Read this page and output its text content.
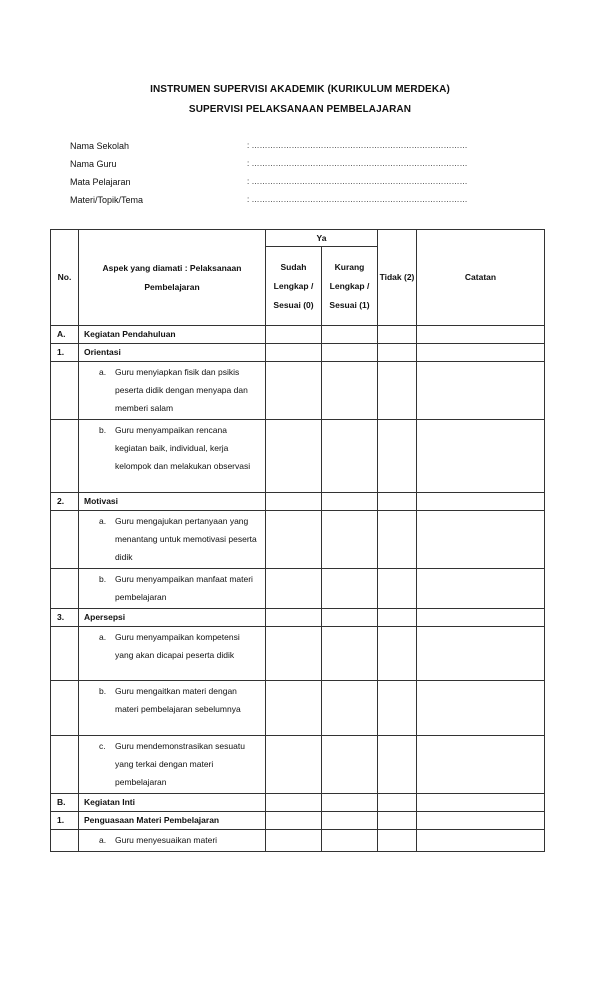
INSTRUMEN SUPERVISI AKADEMIK (KURIKULUM MERDEKA)
SUPERVISI PELAKSANAAN PEMBELAJARAN
Nama Sekolah	: ………………………………………………………………………
Nama Guru	: ………………………………………………………………………
Mata Pelajaran	: ………………………………………………………………………
Materi/Topik/Tema	: ………………………………………………………………………
No.	Aspek yang diamati : Pelaksanaan Pembelajaran	Ya		Tidak (2)	Catatan
		Sudah Lengkap / Sesuai (0)	Kurang Lengkap / Sesuai (1)		
A.	Kegiatan Pendahuluan				
1.	Orientasi				
	a. Guru menyiapkan fisik dan psikis peserta didik dengan menyapa dan memberi salam				
	b. Guru menyampaikan rencana kegiatan baik, individual, kerja kelompok dan melakukan observasi				
2.	Motivasi				
	a. Guru mengajukan pertanyaan yang menantang untuk memotivasi peserta didik				
	b. Guru menyampaikan manfaat materi pembelajaran				
3.	Apersepsi				
	a. Guru menyampaikan kompetensi yang akan dicapai peserta didik				
	b. Guru mengaitkan materi dengan materi pembelajaran sebelumnya				
	c. Guru mendemonstrasikan sesuatu yang terkai dengan materi pembelajaran				
B.	Kegiatan Inti				
1.	Penguasaan Materi Pembelajaran				
	a. Guru menyesuaikan materi				
